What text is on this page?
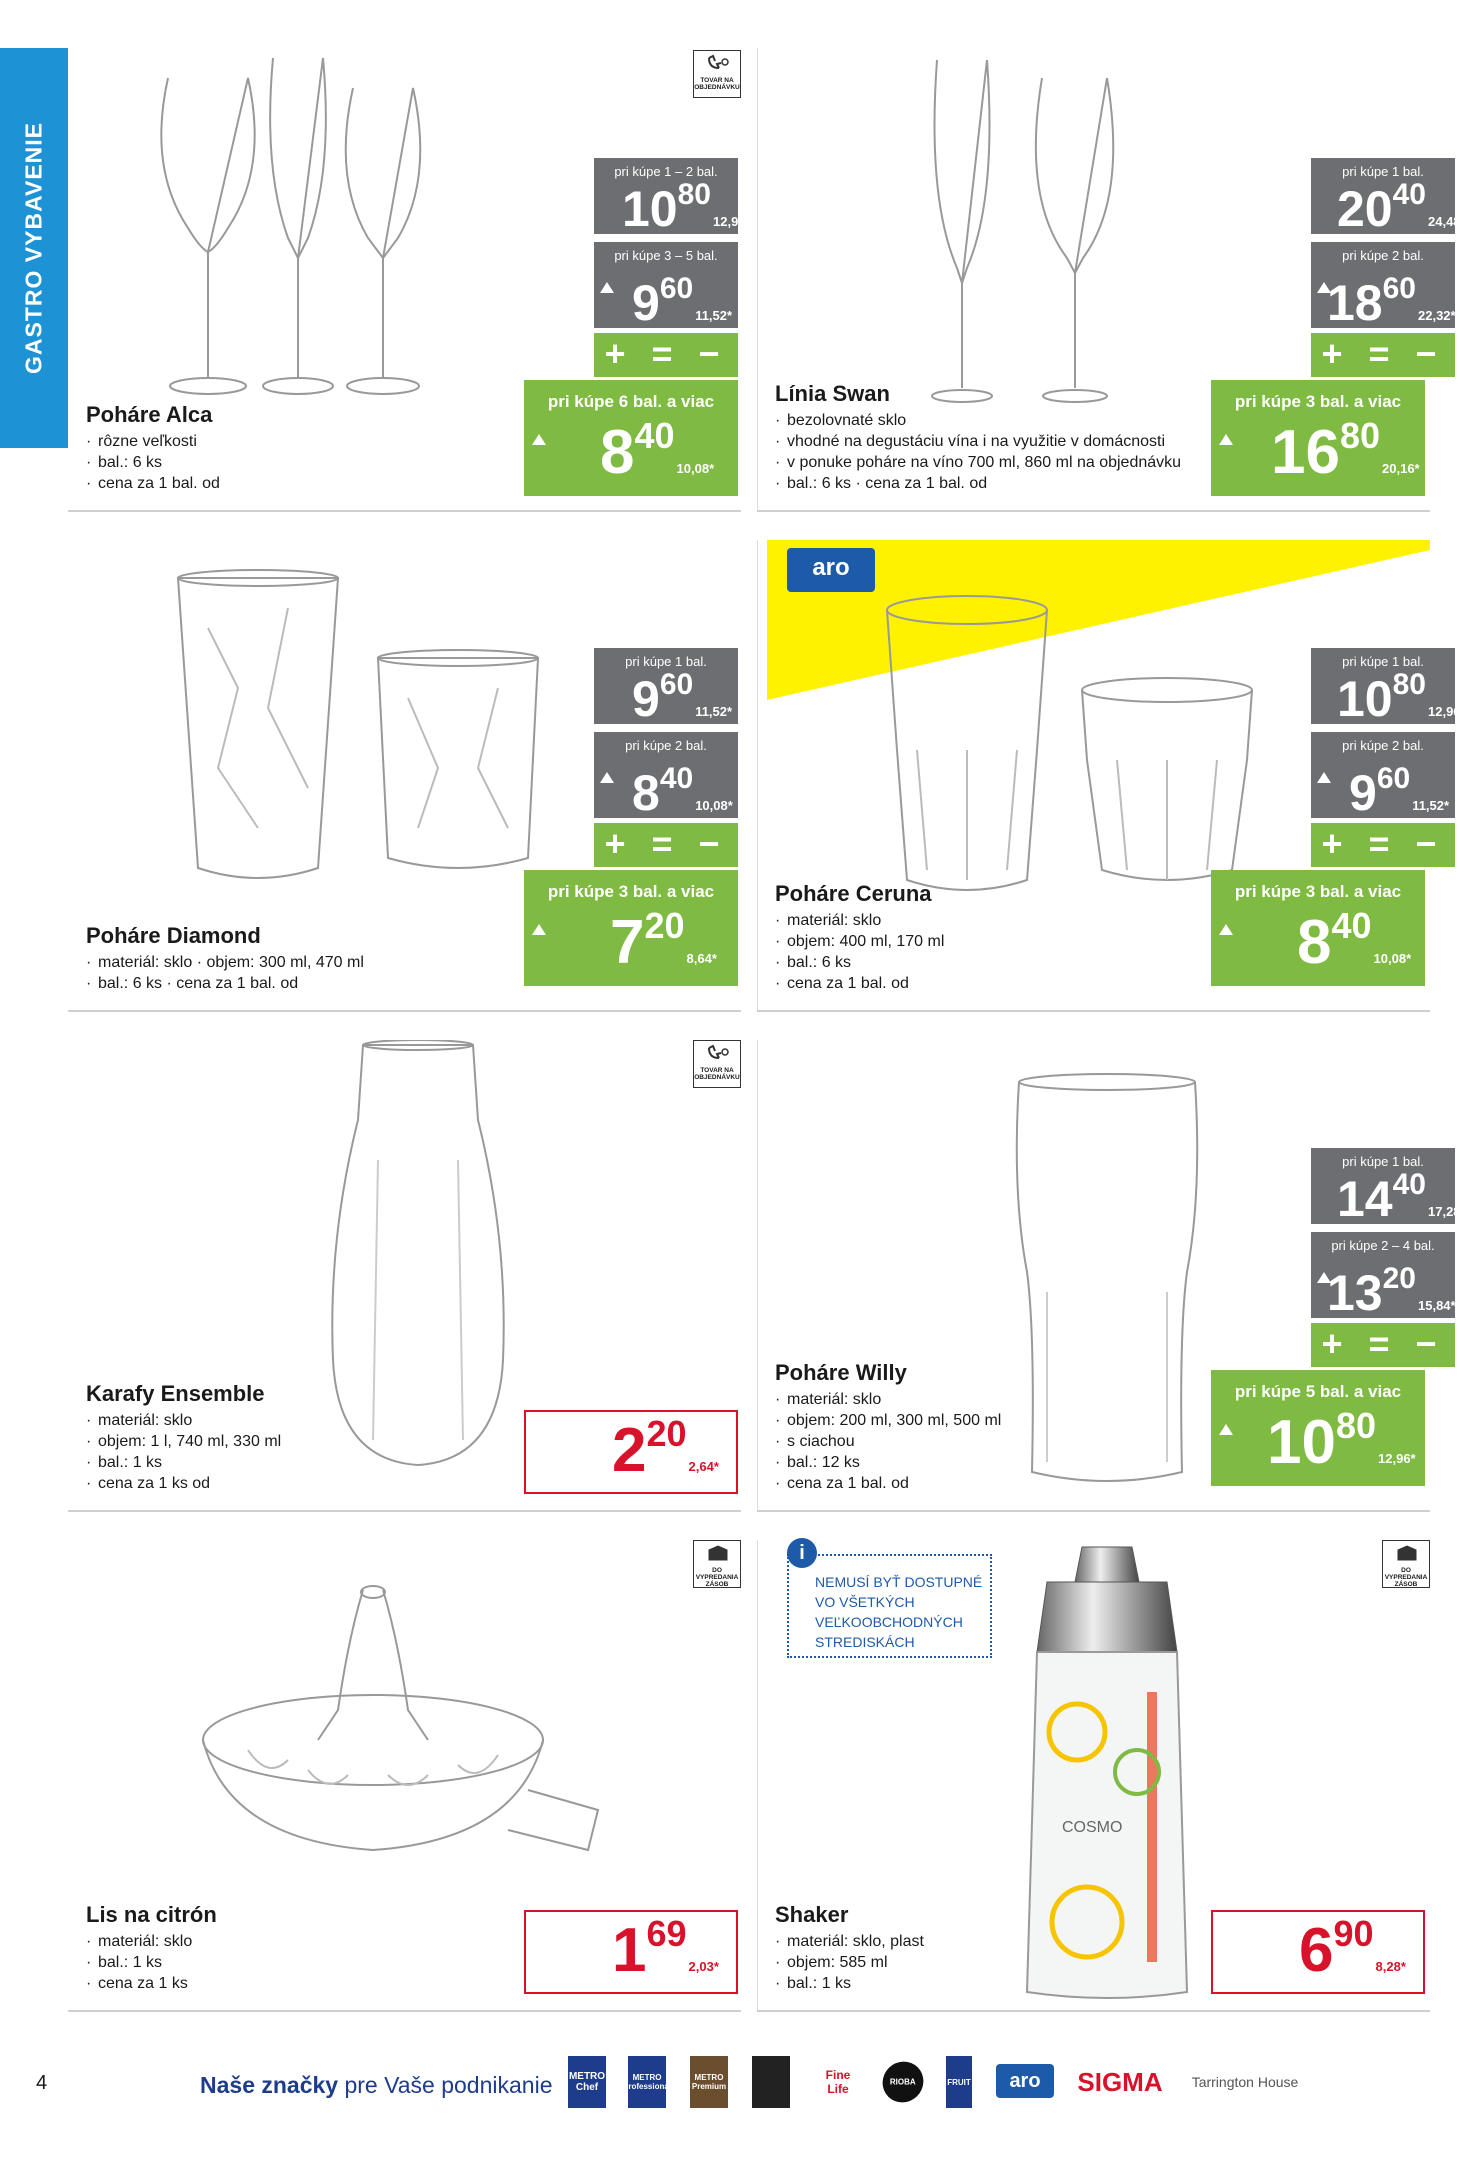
GASTRO VYBAVENIE
TOVAR NA
OBJEDNÁVKU
pri kúpe 1 – 2 bal.
108012,96*
pri kúpe 3 – 5 bal.
96011,52*
+ = −
pri kúpe 6 bal. a viac
84010,08*
Poháre Alca
· rôzne veľkosti
· bal.: 6 ks
· cena za 1 bal. od
pri kúpe 1 bal.
204024,48*
pri kúpe 2 bal.
186022,32*
+ = −
pri kúpe 3 bal. a viac
168020,16*
Línia Swan
· bezolovnaté sklo
· vhodné na degustáciu vína i na využitie v domácnosti
· v ponuke poháre na víno 700 ml, 860 ml na objednávku
· bal.: 6 ks · cena za 1 bal. od
pri kúpe 1 bal.
96011,52*
pri kúpe 2 bal.
84010,08*
+ = −
pri kúpe 3 bal. a viac
7208,64*
Poháre Diamond
· materiál: sklo · objem: 300 ml, 470 ml
· bal.: 6 ks · cena za 1 bal. od
aro
pri kúpe 1 bal.
108012,96*
pri kúpe 2 bal.
96011,52*
+ = −
pri kúpe 3 bal. a viac
84010,08*
Poháre Ceruna
· materiál: sklo
· objem: 400 ml, 170 ml
· bal.: 6 ks
· cena za 1 bal. od
TOVAR NA
OBJEDNÁVKU
2202,64*
Karafy Ensemble
· materiál: sklo
· objem: 1 l, 740 ml, 330 ml
· bal.: 1 ks
· cena za 1 ks od
pri kúpe 1 bal.
144017,28*
pri kúpe 2 – 4 bal.
132015,84*
+ = −
pri kúpe 5 bal. a viac
108012,96*
Poháre Willy
· materiál: sklo
· objem: 200 ml, 300 ml, 500 ml
· s ciachou
· bal.: 12 ks
· cena za 1 bal. od
DO VYPREDANIA
ZÁSOB
1692,03*
Lis na citrón
· materiál: sklo
· bal.: 1 ks
· cena za 1 ks
i
NEMUSÍ BYŤ DOSTUPNÉ
VO VŠETKÝCH
VEĽKOOBCHODNÝCH
STREDISKÁCH
COSMO
DO VYPREDANIA
ZÁSOB
6908,28*
Shaker
· materiál: sklo, plast
· objem: 585 ml
· bal.: 1 ks
4	Naše značky pre Vaše podnikanie METRO Chef
METRO Professional
METRO Premium
Fine Life
RIOBA	FRUIT aro SIGMA Tarrington House
